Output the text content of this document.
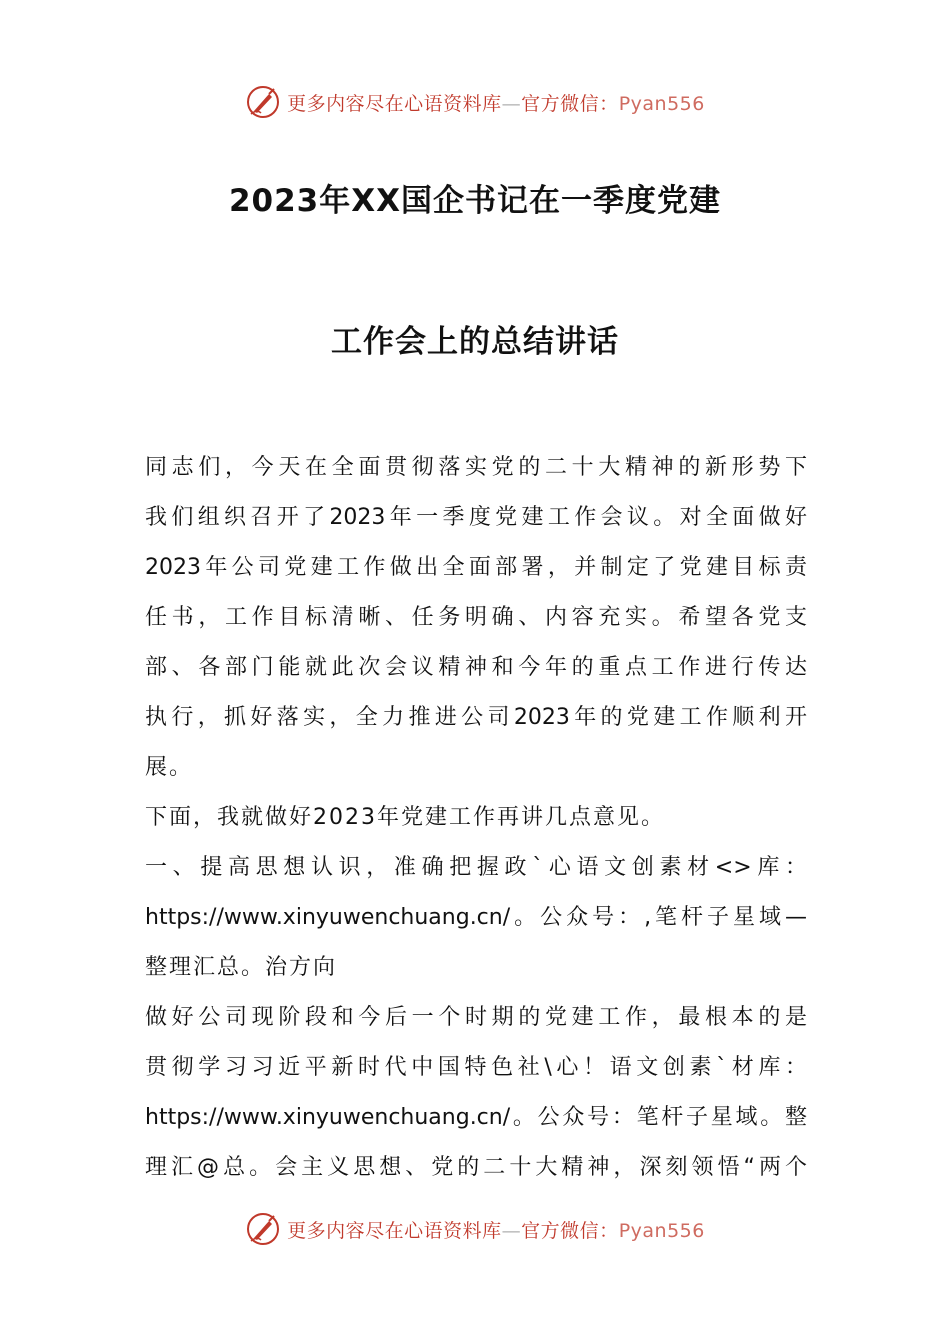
更多内容尽在心语资料库—官方微信：Pyan556
2023年XX国企书记在一季度党建
工作会上的总结讲话
同志们，今天在全面贯彻落实党的二十大精神的新形势下
我们组织召开了2023年一季度党建工作会议。对全面做好
2023年公司党建工作做出全面部署，并制定了党建目标责
任书，工作目标清晰、任务明确、内容充实。希望各党支
部、各部门能就此次会议精神和今年的重点工作进行传达
执行，抓好落实，全力推进公司2023年的党建工作顺利开
展。
下面，我就做好2023年党建工作再讲几点意见。
一、提高思想认识，准确把握政`心语文创素材<>库：
https://www.xinyuwenchuang.cn/。公众号：,笔杆子星域—
整理汇总。治方向
做好公司现阶段和今后一个时期的党建工作，最根本的是
贯彻学习习近平新时代中国特色社\心！语文创素`材库：
https://www.xinyuwenchuang.cn/。公众号：笔杆子星域。整
理汇@总。会主义思想、党的二十大精神，深刻领悟“两个
更多内容尽在心语资料库—官方微信：Pyan556
